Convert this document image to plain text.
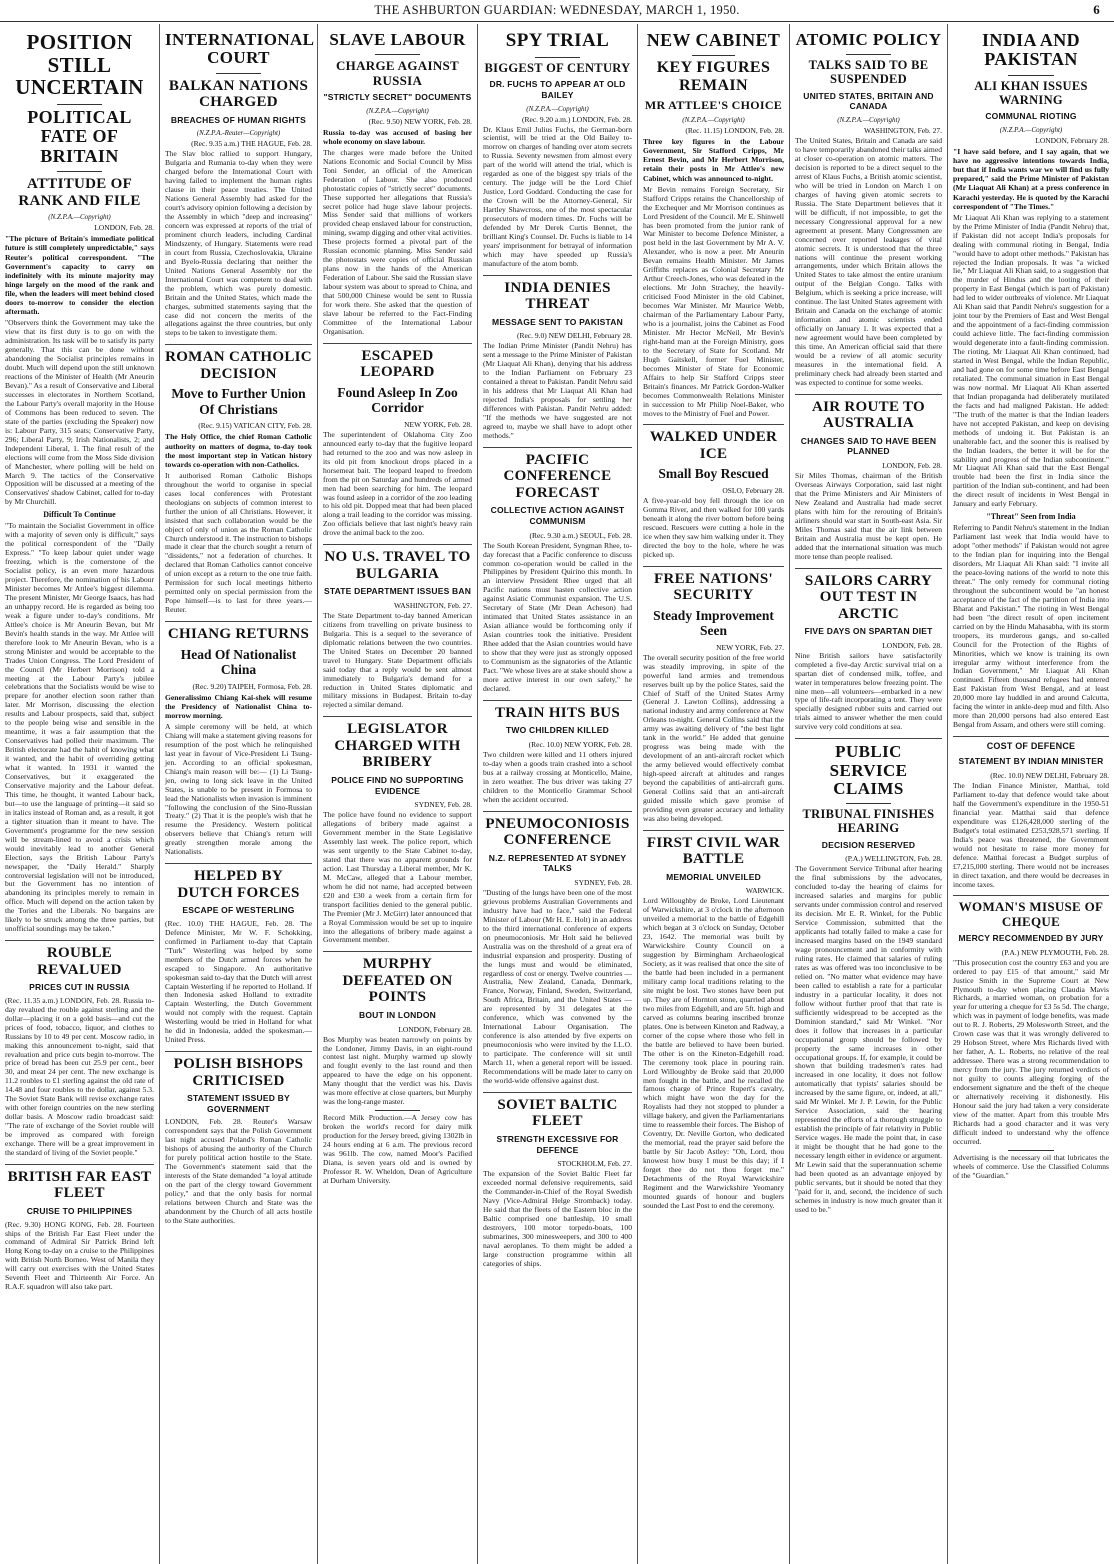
THE ASHBURTON GUARDIAN: WEDNESDAY, MARCH 1, 1950.	6
POSITION STILL UNCERTAIN
POLITICAL FATE OF BRITAIN
ATTITUDE OF RANK AND FILE
(N.Z.P.A.—Copyright)
LONDON, Feb. 28.
"The picture of Britain's immediate political future is still completely unpredictable," says Reuter's political correspondent. "The Government's capacity to carry on indefinitely with its minute majority may hinge largely on the mood of the rank and file, when the leaders will meet behind closed doors to-morrow to consider the election aftermath.
"Observers think the Government may take the view that its first duty is to go on with the administration. Its task will be to satisfy its party generally. That this can be done without abandoning the Socialist principles remains in doubt. Much will depend upon the still unknown reactions of the Minister of Health (Mr Aneurin Bevan)." As a result of Conservative and Liberal successes in electorates in Northern Scotland, the Labour Party's overall majority in the House of Commons has been reduced to seven. The state of the parties (excluding the Speaker) now is: Labour Party, 315 seats; Conservative Party, 296; Liberal Party, 9; Irish Nationalists, 2; and Independent Liberal, 1. The final result of the elections will come from the Moss Side division of Manchester, where polling will be held on March 9. The tactics of the Conservative Opposition will be discussed at a meeting of the Conservatives' shadow Cabinet, called for to-day by Mr Churchill.
Difficult To Continue
"To maintain the Socialist Government in office with a majority of seven only is difficult," says the political correspondent of the "Daily Express." "To keep labour quiet under wage freezing, which is the cornerstone of the Socialist policy, is an even more hazardous project. Therefore, the nomination of his Labour Minister becomes Mr Attlee's biggest dilemma. The present Minister, Mr George Isaacs, has had an unhappy record. He is regarded as being too weak a figure under to-day's conditions. Mr Attlee's choice is Mr Aneurin Bevan, but Mr Bevin's health stands in the way. Mr Attlee will therefore look to Mr Aneurin Bevan, who is a strong Minister and would be acceptable to the Trades Union Congress. The Lord President of the Council (Mr Herbert Morrison) told a meeting at the Labour Party's jubilee celebrations that the Socialists would be wise to prepare for another election soon rather than later. Mr Morrison, discussing the election results and Labour prospects, said that, subject to the people being wise and sensible in the meantime, it was a fair assumption that the Conservatives had polled their maximum. The British electorate had the habit of knowing what it wanted, and the habit of overriding getting what it wanted. In 1931 it wanted the Conservatives, but it exaggerated the Conservative majority and the Labour defeat. This time, he thought, it wanted Labour back, but—to use the language of printing—it said so in italics instead of Roman and, as a result, it got a tighter situation than it meant to have. The Government's programme for the new session will be stream-lined to avoid a crisis which would inevitably lead to another General Election, says the British Labour Party's newspaper, the "Daily Herald." Sharply controversial legislation will not be introduced, but the Government has no intention of abandoning its principles merely to remain in office. Much will depend on the action taken by the Tories and the Liberals. No bargains are likely to be struck among the three parties, but unofficial soundings may be taken."
ROUBLE REVALUED
PRICES CUT IN RUSSIA
(Rec. 11.35 a.m.) LONDON, Feb. 28. Russia to-day revalued the rouble against sterling and the dollar—placing it on a gold basis—and cut the prices of food, tobacco, liquor, and clothes to Russians by 10 to 49 per cent. Moscow radio, in making this announcement to-night, said that revaluation and price cuts begin to-morrow. The price of bread has been cut 25.9 per cent., beer 30, and meat 24 per cent. The new exchange is 11.2 roubles to £1 sterling against the old rate of 14.48 and four roubles to the dollar, against 5.3. The Soviet State Bank will revise exchange rates with other foreign countries on the new sterling dollar basis. A Moscow radio broadcast said: "The rate of exchange of the Soviet rouble will be improved as compared with foreign exchange. There will be a great improvement in the standard of living of the Soviet people."
BRITISH FAR EAST FLEET
CRUISE TO PHILIPPINES
(Rec. 9.30) HONG KONG, Feb. 28. Fourteen ships of the British Far East Fleet under the command of Admiral Sir Patrick Brind left Hong Kong to-day on a cruise to the Philippines with British North Borneo. West of Manila they will carry out exercises with the United States Seventh Fleet and Thirteenth Air Force. An R.A.F. squadron will also take part.
INTERNATIONAL COURT
BALKAN NATIONS CHARGED
BREACHES OF HUMAN RIGHTS
(N.Z.P.A.-Reuter—Copyright)
(Rec. 9.35 a.m.) THE HAGUE, Feb. 28.
The Slav bloc rallied to support Hungary, Bulgaria and Rumania to-day when they were charged before the International Court with having failed to implement the human rights clause in their peace treaties. The United Nations General Assembly had asked for the court's advisory opinion following a decision by the Assembly in which "deep and increasing" concern was expressed at reports of the trial of prominent church leaders, including Cardinal Mindszenty, of Hungary. Statements were read in court from Russia, Czechoslovakia, Ukraine and Byelo-Russia declaring that neither the United Nations General Assembly nor the International Court was competent to deal with the problem, which was purely domestic. Britain and the United States, which made the charges, submitted statements saying that the case did not concern the merits of the allegations against the three countries, but only steps to be taken to investigate them.
ROMAN CATHOLIC DECISION
Move to Further Union Of Christians
(Rec. 9.15) VATICAN CITY, Feb. 28.
The Holy Office, the chief Roman Catholic authority on matters of dogma, to-day took the most important step in Vatican history towards co-operation with non-Catholics.
It authorised Roman Catholic Bishops throughout the world to organise in special cases local conferences with Protestant theologians on subjects of common interest to further the union of all Christians. However, it insisted that such collaboration would be the object of only of union as the Roman Catholic Church understood it. The instruction to bishops made it clear that the church sought a return of "dissidents," not a federation of churches. It declared that Roman Catholics cannot conceive of union except as a return to the one true faith. Permission for such local meetings hitherto permitted only on special permission from the Pope himself—is to last for three years.—Reuter.
CHIANG RETURNS
Head Of Nationalist China
(Rec. 9.20) TAIPEH, Formosa, Feb. 28.
Generalissimo Chiang Kai-shek will resume the Presidency of Nationalist China to-morrow morning.
A simple ceremony will be held, at which Chiang will make a statement giving reasons for resumption of the post which he relinquished last year in favour of Vice-President Li Tsung-jen. According to an official spokesman, Chiang's main reason will be:— (1) Li Tsung-jen, owing to long sick leave in the United States, is unable to be present in Formosa to lead the Nationalists when invasion is imminent "following the conclusion of the Sino-Russian Treaty." (2) That it is the people's wish that he resume the Presidency. Western political observers believe that Chiang's return will greatly strengthen morale among the Nationalists.
HELPED BY DUTCH FORCES
ESCAPE OF WESTERLING
(Rec. 10.0) THE HAGUE, Feb. 28. The Defence Minister, Mr W. F. Schokking, confirmed in Parliament to-day that Captain "Turk" Westerling was helped by some members of the Dutch armed forces when he escaped to Singapore. An authoritative spokesman said to-day that the Dutch will arrest Captain Westerling if he reported to Holland. If then Indonesia asked Holland to extradite Captain Westerling, the Dutch Government would not comply with the request. Captain Westerling would be tried in Holland for what he did in Indonesia, added the spokesman.—United Press.
POLISH BISHOPS CRITICISED
STATEMENT ISSUED BY GOVERNMENT
LONDON, Feb. 28. Reuter's Warsaw correspondent says that the Polish Government last night accused Poland's Roman Catholic bishops of abusing the authority of the Church for purely political action hostile to the State. The Government's statement said that the interests of the State demanded "a loyal attitude on the part of the clergy toward Government policy," and that the only basis for normal relations between Church and State was the abandonment by the Church of all acts hostile to the State authorities.
SLAVE LABOUR
CHARGE AGAINST RUSSIA
"STRICTLY SECRET" DOCUMENTS
(N.Z.P.A.—Copyright)
(Rec. 9.50) NEW YORK, Feb. 28.
Russia to-day was accused of basing her whole economy on slave labour.
The charges were made before the United Nations Economic and Social Council by Miss Toni Sender, an official of the American Federation of Labour. She also produced photostatic copies of "strictly secret" documents. These supported her allegations that Russia's secret police had huge slave labour projects. Miss Sender said that millions of workers provided cheap enslaved labour for construction, mining, swamp digging and other vital activities. These projects formed a pivotal part of the Russian economic planning. Miss Sender said the photostats were copies of official Russian plans now in the hands of the American Federation of Labour. She said the Russian slave labour system was about to spread to China, and that 500,000 Chinese would be sent to Russia for work there. She asked that the question of slave labour be referred to the Fact-Finding Committee of the International Labour Organisation.
ESCAPED LEOPARD
Found Asleep In Zoo Corridor
NEW YORK, Feb. 28.
The superintendent of Oklahoma City Zoo announced early to-day that the fugitive leopard had returned to the zoo and was now asleep in its old pit from knockout drops placed in a horsemeat bait. The leopard leaped to freedom from the pit on Saturday and hundreds of armed men had been searching for him. The leopard was found asleep in a corridor of the zoo leading to his old pit. Dopped meat that had been placed along a trail leading to the corridor was missing. Zoo officials believe that last night's heavy rain drove the animal back to the zoo.
NO U.S. TRAVEL TO BULGARIA
STATE DEPARTMENT ISSUES BAN
WASHINGTON, Feb. 27.
The State Department to-day banned American citizens from travelling on private business to Bulgaria. This is a sequel to the severance of diplomatic relations between the two countries. The United States on December 20 banned travel to Hungary. State Department officials said today that a reply would be sent almost immediately to Bulgaria's demand for a reduction in United States diplomatic and military missions in Budapest. Britain to-day rejected a similar demand.
LEGISLATOR CHARGED WITH BRIBERY
POLICE FIND NO SUPPORTING EVIDENCE
SYDNEY, Feb. 28.
The police have found no evidence to support allegations of bribery made against a Government member in the State Legislative Assembly last week. The police report, which was sent urgently to the State Cabinet to-day, stated that there was no apparent grounds for action. Last Thursday a Liberal member, Mr K. M. McCaw, alleged that a Labour member, whom he did not name, had accepted between £20 and £30 a week from a certain firm for transport facilities denied to the general public. The Premier (Mr J. McGirr) later announced that a Royal Commission would be set up to inquire into the allegations of bribery made against a Government member.
MURPHY DEFEATED ON POINTS
BOUT IN LONDON
LONDON, February 28.
Bos Murphy was beaten narrowly on points by the Londoner, Jimmy Davis, in an eight-round contest last night. Murphy warmed up slowly and fought evenly to the last round and then appeared to have the edge on his opponent. Many thought that the verdict was his. Davis was more effective at close quarters, but Murphy was the long-range master.
Record Milk Production.—A Jersey cow has broken the world's record for dairy milk production for the Jersey breed, giving 1302lb in 24 hours ending at 6 a.m. The previous record was 961lb. The cow, named Moor's Pacified Diana, is seven years old and is owned by Professor R. W. Wheldon, Dean of Agriculture at Durham University.
SPY TRIAL
BIGGEST OF CENTURY
DR. FUCHS TO APPEAR AT OLD BAILEY
(N.Z.P.A.—Copyright)
(Rec. 9.20 a.m.) LONDON, Feb. 28.
Dr. Klaus Emil Julius Fuchs, the German-born scientist, will be tried at the Old Bailey to-morrow on charges of handing over atom secrets to Russia. Seventy newsmen from almost every part of the world will attend the trial, which is regarded as one of the biggest spy trials of the century. The judge will be the Lord Chief Justice, Lord Goddard. Conducting the case for the Crown will be the Attorney-General, Sir Hartley Shawcross, one of the most spectacular prosecutors of modern times. Dr. Fuchs will be defended by Mr Derek Curtis Bennet, the brilliant King's Counsel. Dr. Fuchs is liable to 14 years' imprisonment for betrayal of information which may have speeded up Russia's manufacture of the atom bomb.
INDIA DENIES THREAT
MESSAGE SENT TO PAKISTAN
(Rec. 9.0) NEW DELHI, February 28.
The Indian Prime Minister (Pandit Nehru) has sent a message to the Prime Minister of Pakistan (Mr Liaquat Ali Khan), denying that his address to the Indian Parliament on February 23 contained a threat to Pakistan. Pandit Nehru said in his address that Mr Liaquat Ali Khan had rejected India's proposals for settling her differences with Pakistan. Pandit Nehru added: "If the methods we have suggested are not agreed to, maybe we shall have to adopt other methods."
PACIFIC CONFERENCE FORECAST
COLLECTIVE ACTION AGAINST COMMUNISM
(Rec. 9.30 a.m.) SEOUL, Feb. 28.
The South Korean President, Syngman Rhee, to-day forecast that a Pacific conference to discuss common co-operation would be called in the Philippines by President Quirino this month. In an interview President Rhee urged that all Pacific nations must hasten collective action against Asiatic Communist expansion. The U.S. Secretary of State (Mr Dean Acheson) had intimated that United States assistance in an Asian alliance would be forthcoming only if Asian countries took the initiative. President Rhee added that the Asian countries would have to show that they were just as strongly opposed to Communism as the signatories of the Atlantic Pact. "We whose lives are at stake should show a more active interest in our own safety," he declared.
TRAIN HITS BUS
TWO CHILDREN KILLED
(Rec. 10.0) NEW YORK, Feb. 28.
Two children were killed and 11 others injured to-day when a goods train crashed into a school bus at a railway crossing at Monticello, Maine, in zero weather. The bus driver was taking 27 children to the Monticello Grammar School when the accident occurred.
PNEUMOCONIOSIS CONFERENCE
N.Z. REPRESENTED AT SYDNEY TALKS
SYDNEY, Feb. 28.
"Dusting of the lungs have been one of the most grievous problems Australian Governments and industry have had to face," said the Federal Minister of Labour (Mr H. E. Holt) in an address to the third international conference of experts on pneumoconiosis. Mr Holt said he believed Australia was on the threshold of a great era of industrial expansion and prosperity. Dusting of the lungs must and would be eliminated, regardless of cost or energy. Twelve countries — Australia, New Zealand, Canada, Denmark, France, Norway, Finland, Sweden, Switzerland, South Africa, Britain, and the United States — are represented by 31 delegates at the conference, which was convened by the International Labour Organisation. The conference is also attended by five experts on pneumoconiosis who were invited by the I.L.O. to participate. The conference will sit until March 11, when a general report will be issued. Recommendations will be made later to carry on the world-wide offensive against dust.
SOVIET BALTIC FLEET
STRENGTH EXCESSIVE FOR DEFENCE
STOCKHOLM, Feb. 27.
The expansion of the Soviet Baltic Fleet far exceeded normal defensive requirements, said the Commander-in-Chief of the Royal Swedish Navy (Vice-Admiral Helge Stromback) today. He said that the fleets of the Eastern bloc in the Baltic comprised one battleship, 10 small destroyers, 100 motor torpedo-boats, 100 submarines, 300 minesweepers, and 300 to 400 naval aeroplanes. To them might be added a large construction programme within all categories of ships.
NEW CABINET
KEY FIGURES REMAIN
MR ATTLEE'S CHOICE
(N.Z.P.A.—Copyright)
(Rec. 11.15) LONDON, Feb. 28.
Three key figures in the Labour Government, Sir Stafford Cripps, Mr Ernest Bevin, and Mr Herbert Morrison, retain their posts in Mr Attlee's new Cabinet, which was announced to-night.
Mr Bevin remains Foreign Secretary, Sir Stafford Cripps retains the Chancellorship of the Exchequer and Mr Morrison continues as Lord President of the Council. Mr E. Shinwell has been promoted from the junior rank of War Minister to become Defence Minister, a post held in the last Government by Mr A. V. Alexander, who is now a peer. Mr Aneurin Bevan remains Health Minister. Mr James Griffiths replaces as Colonial Secretary Mr Arthur Creech-Jones, who was defeated in the elections. Mr John Strachey, the heavily-criticised Food Minister in the old Cabinet, becomes War Minister. Mr Maurice Webb, chairman of the Parliamentary Labour Party, who is a journalist, joins the Cabinet as Food Minister. Mr Hector McNeil, Mr Bevin's right-hand man at the Foreign Ministry, goes to the Secretary of State for Scotland. Mr Hugh Gaitskell, former Fuel Minister, becomes Minister of State for Economic Affairs to help Sir Stafford Cripps steer Britain's finances. Mr Patrick Gordon-Walker becomes Commonwealth Relations Minister in succession to Mr Philip Noel-Baker, who moves to the Ministry of Fuel and Power.
WALKED UNDER ICE
Small Boy Rescued
OSLO, February 28.
A five-year-old boy fell through the ice on Gomma River, and then walked for 100 yards beneath it along the river bottom before being rescued. Rescuers were cutting a hole in the ice when they saw him walking under it. They directed the boy to the hole, where he was picked up.
FREE NATIONS' SECURITY
Steady Improvement Seen
NEW YORK, Feb. 27.
The overall security position of the free world was steadily improving, in spite of the powerful land armies and tremendous reserves built up by the police States, said the Chief of Staff of the United States Army (General J. Lawton Collins), addressing a national industry and army conference at New Orleans to-night. General Collins said that the army was awaiting delivery of "the best light tank in the world." He added that genuine progress was being made with the development of an anti-aircraft rocket which the army believed would effectively combat high-speed aircraft at altitudes and ranges beyond the capabilities of anti-aircraft guns. General Collins said that an anti-aircraft guided missile which gave promise of providing even greater accuracy and lethality was also being developed.
FIRST CIVIL WAR BATTLE
MEMORIAL UNVEILED
WARWICK.
Lord Willoughby de Broke, Lord Lieutenant of Warwickshire, at 3 o'clock in the afternoon unveiled a memorial to the battle of Edgehill which began at 3 o'clock on Sunday, October 23, 1642. The memorial was built by Warwickshire County Council on a suggestion by Birmingham Archaeological Society, as it was realised that once the site of the battle had been included in a permanent military camp local traditions relating to the site might be lost. Two stones have been put up. They are of Hornton stone, quarried about two miles from Edgehill, and are 5ft. high and carved as columns bearing inscribed bronze plates. One is between Kineton and Radway, a corner of the copse where those who fell in the battle are believed to have been buried. The other is on the Kineton-Edgehill road. The ceremony took place in pouring rain. Lord Willoughby de Broke said that 20,000 men fought in the battle, and he recalled the famous charge of Prince Rupert's cavalry, which might have won the day for the Royalists had they not stopped to plunder a village bakery, and given the Parliamentarians time to reassemble their forces. The Bishop of Coventry, Dr. Neville Gorton, who dedicated the memorial, read the prayer said before the battle by Sir Jacob Astley: "Oh, Lord, thou knowest how busy I must be this day; if I forget thee do not thou forget me." Detachments of the Royal Warwickshire Regiment and the Warwickshire Yeomanry mounted guards of honour and buglers sounded the Last Post to end the ceremony.
ATOMIC POLICY
TALKS SAID TO BE SUSPENDED
UNITED STATES, BRITAIN AND CANADA
(N.Z.P.A.—Copyright)
WASHINGTON, Feb. 27.
The United States, Britain and Canada are said to have temporarily abandoned their talks aimed at closer co-operation on atomic matters. The decision is reported to be a direct sequel to the arrest of Klaus Fuchs, a British atomic scientist, who will be tried in London on March 1 on charges of having given atomic secrets to Russia. The State Department believes that it will be difficult, if not impossible, to get the necessary Congressional approval for a new agreement at present. Many Congressmen are concerned over reported leakages of vital atomic secrets. It is understood that the three nations will continue the present working arrangements, under which Britain allows the United States to take almost the entire uranium output of the Belgian Congo. Talks with Belgium, which is seeking a price increase, will continue. The last United States agreement with Britain and Canada on the exchange of atomic information and atomic scientists ended officially on January 1. It was expected that a new agreement would have been completed by this time. An American official said that there would be a review of all atomic security measures in the international field. A preliminary check had already been started and was expected to continue for some weeks.
AIR ROUTE TO AUSTRALIA
CHANGES SAID TO HAVE BEEN PLANNED
LONDON, Feb. 28.
Sir Miles Thomas, chairman of the British Overseas Airways Corporation, said last night that the Prime Ministers and Air Ministers of New Zealand and Australia had made secret plans with him for the rerouting of Britain's airliners should war start in South-east Asia. Sir Miles Thomas said that the air link between Britain and Australia must be kept open. He added that the international situation was much more tense than people realised.
SAILORS CARRY OUT TEST IN ARCTIC
FIVE DAYS ON SPARTAN DIET
LONDON, Feb. 28.
Nine British sailors have satisfactorily completed a five-day Arctic survival trial on a spartan diet of condensed milk, toffee, and water in temperatures below freezing point. The nine men—all volunteers—embarked in a new type of life-raft incorporating a tent. They were specially designed rubber suits and carried out trials aimed to answer whether the men could survive very cold conditions at sea.
PUBLIC SERVICE CLAIMS
TRIBUNAL FINISHES HEARING
DECISION RESERVED
(P.A.) WELLINGTON, Feb. 28.
The Government Service Tribunal after hearing the final submissions by the advocates, concluded to-day the hearing of claims for increased salaries and margins for public servants under commission control and reserved its decision. Mr E. R. Winkel, for the Public Service Commission, submitted that the applicants had totally failed to make a case for increased margins based on the 1949 standard wage pronouncement and in conformity with ruling rates. He claimed that salaries of ruling rates as was offered was too inconclusive to be relied on. "No matter what evidence may have been called to establish a rate for a particular industry in a particular locality, it does not follow without further proof that that rate is sufficiently widespread to be accepted as the Dominion standard," said Mr Winkel. "Nor does it follow that increases in a particular occupational group should be followed by property the same increases in other occupational groups. If, for example, it could be shown that building tradesmen's rates had increased in one locality, it does not follow automatically that typists' salaries should be increased by the same figure, or, indeed, at all," said Mr Winkel. Mr J. P. Lewin, for the Public Service Association, said the hearing represented the efforts of a thorough struggle to establish the principle of fair relativity in Public Service wages. He made the point that, in case it might be thought that he had gone to the necessary length either in evidence or argument. Mr Lewin said that the superannuation scheme had been quoted as an advantage enjoyed by public servants, but it should be noted that they "paid for it, and, second, the incidence of such schemes in industry is now much greater than it used to be."
INDIA AND PAKISTAN
ALI KHAN ISSUES WARNING
COMMUNAL RIOTING
(N.Z.P.A.—Copyright)
LONDON, February 28.
"I have said before, and I say again, that we have no aggressive intentions towards India, but that if India wants war we will find us fully prepared," said the Prime Minister of Pakistan (Mr Liaquat Ali Khan) at a press conference in Karachi yesterday. He is quoted by the Karachi correspondent of "The Times."
Mr Liaquat Ali Khan was replying to a statement by the Prime Minister of India (Pandit Nehru) that, if Pakistan did not accept India's proposals for dealing with communal rioting in Bengal, India "would have to adopt other methods." Pakistan has rejected the Indian proposals. It was "a wicked lie," Mr Liaquat Ali Khan said, to a suggestion that the murder of Hindus and the looting of their property in East Bengal (which is part of Pakistan) had led to wider outbreaks of violence. Mr Liaquat Ali Khan said that Pandit Nehru's suggestion for a joint tour by the Premiers of East and West Bengal and the appointment of a fact-finding commission could achieve little. The fact-finding commission would degenerate into a fault-finding commission. The rioting, Mr Liaquat Ali Khan continued, had started in West Bengal, while the Indian Republic, and had gone on for some time before East Bengal retaliated. The communal situation in East Bengal was now normal. Mr Liaquat Ali Khan asserted that Indian propaganda had deliberately mutilated the facts and had maligned Pakistan. He added: "The truth of the matter is that the Indian leaders have not accepted Pakistan, and keep on devising methods of undoing it. But Pakistan is an unalterable fact, and the sooner this is realised by the Indian leaders, the better it will be for the stability and progress of the Indian subcontinent." Mr Liaquat Ali Khan said that the East Bengal trouble had been the first in India since the partition of the Indian sub-continent, and had been the direct result of incidents in West Bengal in January and early February.
"Threat" Seen from India
Referring to Pandit Nehru's statement in the Indian Parliament last week that India would have to adopt "other methods" if Pakistan would not agree to the Indian plan for inquiring into the Bengal disorders, Mr Liaquat Ali Khan said: "I invite all the peace-loving nations of the world to note this threat." The only remedy for communal rioting throughout the subcontinent would be "an honest acceptance of the fact of the partition of India into Bharat and Pakistan." The rioting in West Bengal had been "the direct result of open incitement carried on by the Hindu Mahasabha, with its storm troopers, its murderous gangs, and so-called Council for the Protection of the Rights of Minorities, which we know is training its own irregular army without interference from the Indian Government," Mr Liaquat Ali Khan continued. Fifteen thousand refugees had entered East Pakistan from West Bengal, and at least 20,000 more lay huddled in and around Calcutta, facing the winter in ankle-deep mud and filth. Also more than 20,000 persons had also entered East Bengal from Assam, and others were still coming.
COST OF DEFENCE
STATEMENT BY INDIAN MINISTER
(Rec. 10.0) NEW DELHI, February 28.
The Indian Finance Minister, Matthai, told Parliament to-day that defence would take about half the Government's expenditure in the 1950-51 financial year. Matthai said that defence expenditure was £126,428,000 sterling of the Budget's total estimated £253,928,571 sterling. If India's peace was threatened, the Government would not hesitate to raise more money for defence. Matthai forecast a Budget surplus of £7,215,000 sterling. There would not be increases in direct taxation, and there would be decreases in income taxes.
WOMAN'S MISUSE OF CHEQUE
MERCY RECOMMENDED BY JURY
(P.A.) NEW PLYMOUTH, Feb. 28.
"This prosecution cost the country £63 and you are ordered to pay £15 of that amount," said Mr Justice Smith in the Supreme Court at New Plymouth to-day when placing Claudia Mavis Richards, a married woman, on probation for a year for uttering a cheque for £3 5s 5d. The charge, which was in payment of lodge benefits, was made out to R. J. Roberts, 29 Molesworth Street, and the Crown case was that it was wrongly delivered to 29 Hobson Street, where Mrs Richards lived with her father, A. L. Roberts, no relative of the real addressee. There was a strong recommendation to mercy from the jury. The jury returned verdicts of not guilty to counts alleging forging of the endorsement signature and the theft of the cheque or alternatively receiving it dishonestly. His Honour said the jury had taken a very considerate view of the matter. Apart from this trouble Mrs Richards had a good character and it was very difficult indeed to understand why the offence occurred.
Advertising is the necessary oil that lubricates the wheels of commerce. Use the Classified Columns of the "Guardian."
